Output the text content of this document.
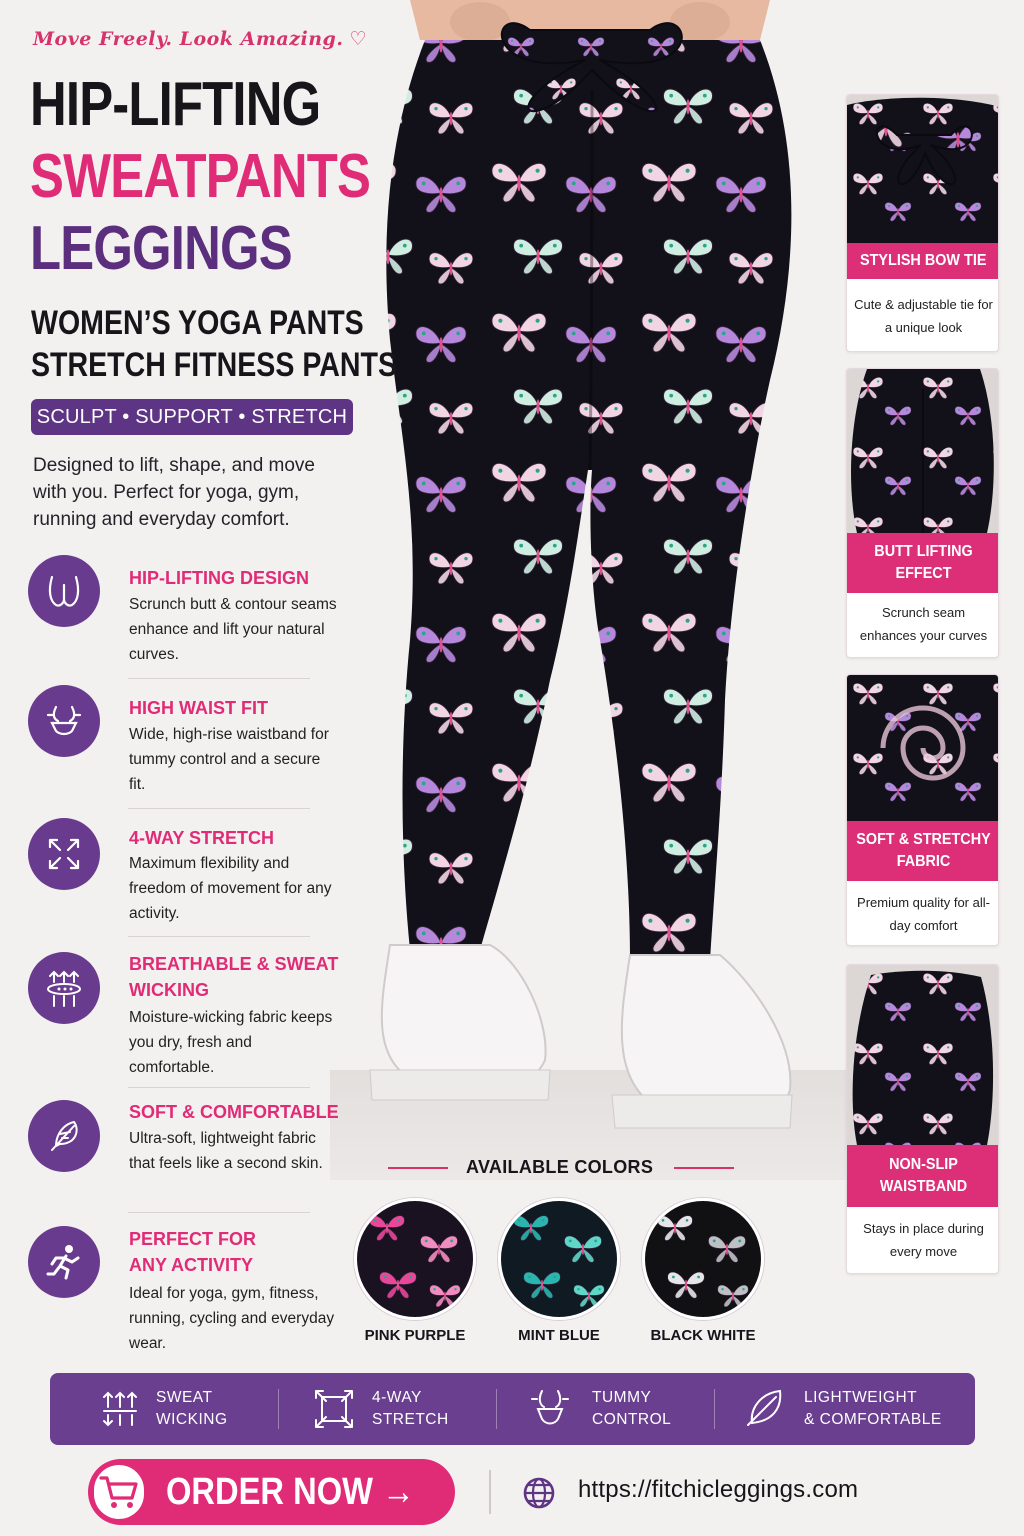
Move Freely. Look Amazing. ♡
HIP-LIFTING
SWEATPANTS
LEGGINGS
WOMEN’S YOGA PANTS
STRETCH FITNESS PANTS
SCULPT • SUPPORT • STRETCH
Designed to lift, shape, and move with you. Perfect for yoga, gym, running and everyday comfort.
HIP-LIFTING DESIGN
Scrunch butt & contour seams enhance and lift your natural curves.
HIGH WAIST FIT
Wide, high-rise waistband for tummy control and a secure fit.
4-WAY STRETCH
Maximum flexibility and freedom of movement for any activity.
BREATHABLE & SWEAT WICKING
Moisture-wicking fabric keeps you dry, fresh and comfortable.
SOFT & COMFORTABLE
Ultra-soft, lightweight fabric that feels like a second skin.
PERFECT FOR ANY ACTIVITY
Ideal for yoga, gym, fitness, running, cycling and everyday wear.
STYLISH BOW TIE
Cute & adjustable tie for a unique look
BUTT LIFTING EFFECT
Scrunch seam enhances your curves
SOFT & STRETCHY FABRIC
Premium quality for all-day comfort
NON-SLIP WAISTBAND
Stays in place during every move
AVAILABLE COLORS
PINK PURPLE	MINT BLUE	BLACK WHITE
SWEAT
WICKING
4-WAY
STRETCH
TUMMY
CONTROL
LIGHTWEIGHT
& COMFORTABLE
ORDER NOW →	https://fitchicleggings.com
